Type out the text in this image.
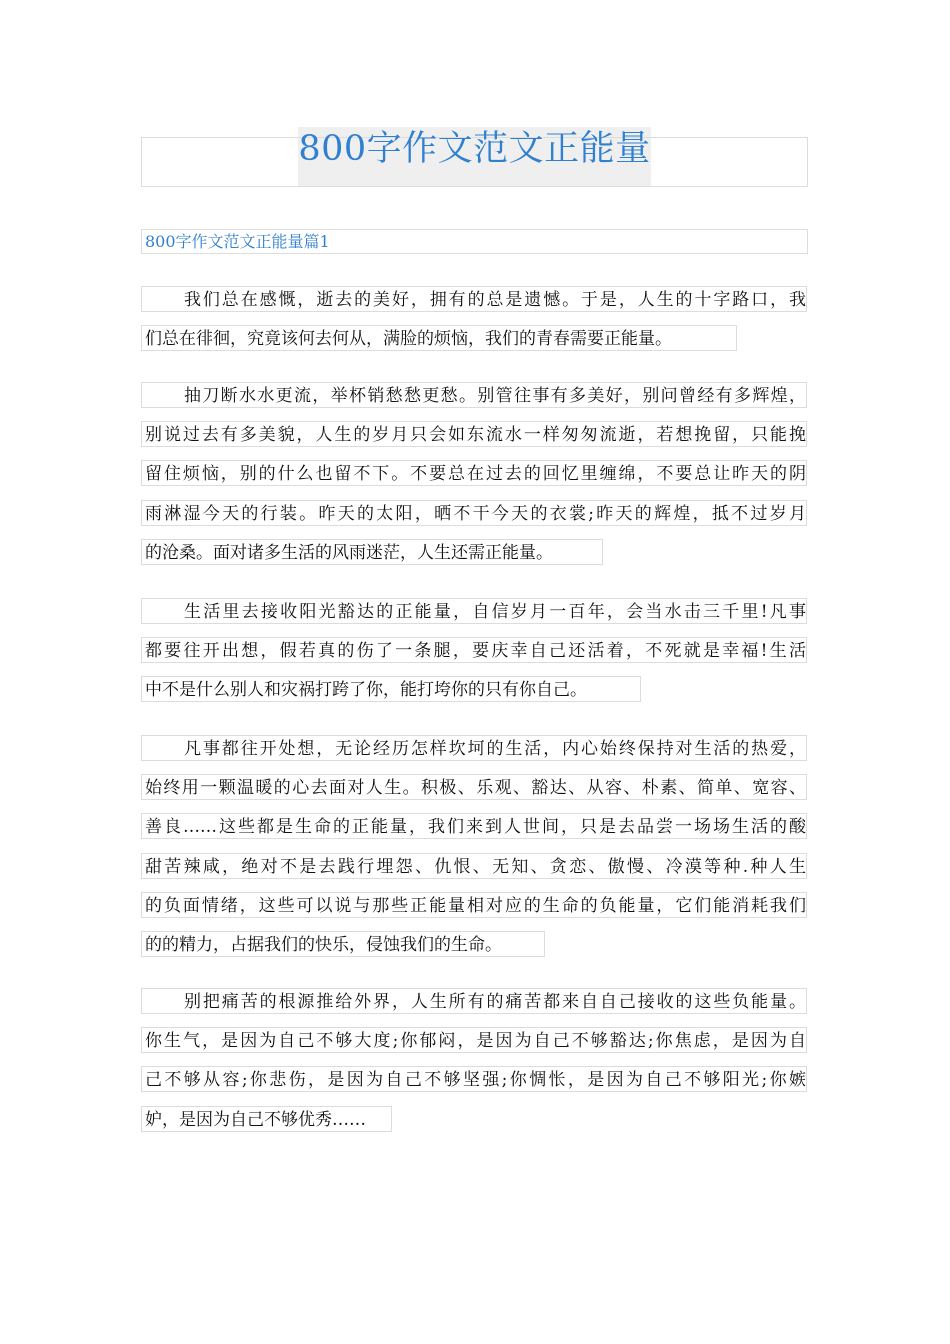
800字作文范文正能量
800字作文范文正能量篇1
我们总在感慨，逝去的美好，拥有的总是遗憾。于是，人生的十字路口，我
们总在徘徊，究竟该何去何从，满脸的烦恼，我们的青春需要正能量。
抽刀断水水更流，举杯销愁愁更愁。别管往事有多美好，别问曾经有多辉煌，
别说过去有多美貌，人生的岁月只会如东流水一样匆匆流逝，若想挽留，只能挽
留住烦恼，别的什么也留不下。不要总在过去的回忆里缠绵，不要总让昨天的阴
雨淋湿今天的行装。昨天的太阳，晒不干今天的衣裳;昨天的辉煌，抵不过岁月
的沧桑。面对诸多生活的风雨迷茫，人生还需正能量。
生活里去接收阳光豁达的正能量，自信岁月一百年，会当水击三千里!凡事
都要往开出想，假若真的伤了一条腿，要庆幸自己还活着，不死就是幸福!生活
中不是什么别人和灾祸打跨了你，能打垮你的只有你自己。
凡事都往开处想，无论经历怎样坎坷的生活，内心始终保持对生活的热爱，
始终用一颗温暖的心去面对人生。积极、乐观、豁达、从容、朴素、简单、宽容、
善良……这些都是生命的正能量，我们来到人世间，只是去品尝一场场生活的酸
甜苦辣咸，绝对不是去践行埋怨、仇恨、无知、贪恋、傲慢、冷漠等种.种人生
的负面情绪，这些可以说与那些正能量相对应的生命的负能量，它们能消耗我们
的的精力，占据我们的快乐，侵蚀我们的生命。
别把痛苦的根源推给外界，人生所有的痛苦都来自自己接收的这些负能量。
你生气，是因为自己不够大度;你郁闷，是因为自己不够豁达;你焦虑，是因为自
己不够从容;你悲伤，是因为自己不够坚强;你惆怅，是因为自己不够阳光;你嫉
妒，是因为自己不够优秀……
